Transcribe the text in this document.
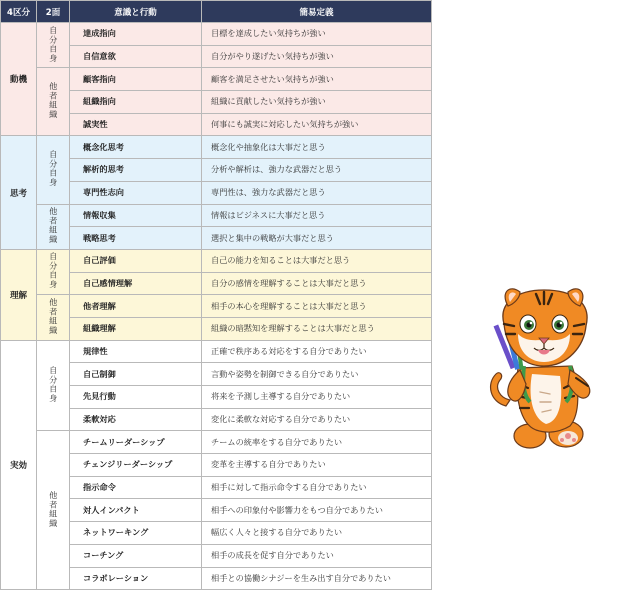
4区分	2面	意識と行動	簡易定義
動機	自分自身	達成指向	目標を達成したい気持ちが強い
		自信意欲	自分がやり遂げたい気持ちが強い
	他者組織	顧客指向	顧客を満足させたい気持ちが強い
		組織指向	組織に貢献したい気持ちが強い
		誠実性	何事にも誠実に対応したい気持ちが強い
思考	自分自身	概念化思考	概念化や抽象化は大事だと思う
		解析的思考	分析や解析は、強力な武器だと思う
		専門性志向	専門性は、強力な武器だと思う
	他者組織	情報収集	情報はビジネスに大事だと思う
		戦略思考	選択と集中の戦略が大事だと思う
理解	自分自身	自己評価	自己の能力を知ることは大事だと思う
		自己感情理解	自分の感情を理解することは大事だと思う
	他者組織	他者理解	相手の本心を理解することは大事だと思う
		組織理解	組織の暗黙知を理解することは大事だと思う
実効	自分自身	規律性	正確で秩序ある対応をする自分でありたい
		自己制御	言動や姿勢を制御できる自分でありたい
		先見行動	将来を予測し主導する自分でありたい
		柔軟対応	変化に柔軟な対応する自分でありたい
	他者組織	チームリーダーシップ	チームの統率をする自分でありたい
		チェンジリーダーシップ	変革を主導する自分でありたい
		指示命令	相手に対して指示命令する自分でありたい
		対人インパクト	相手への印象付や影響力をもつ自分でありたい
		ネットワーキング	幅広く人々と接する自分でありたい
		コーチング	相手の成長を促す自分でありたい
		コラボレーション	相手との協働シナジーを生み出す自分でありたい
